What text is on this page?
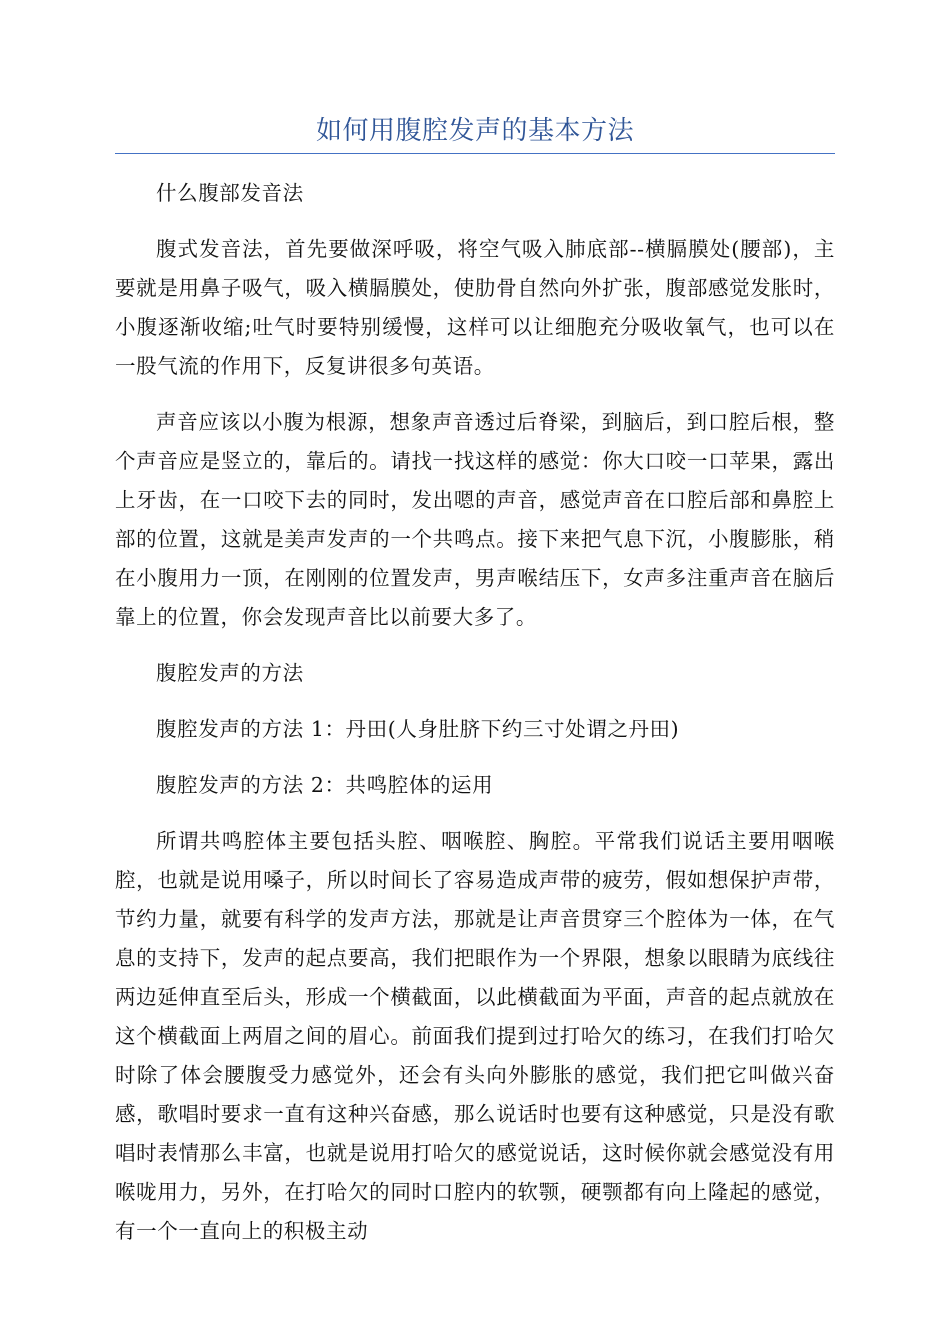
如何用腹腔发声的基本方法

什么腹部发音法

腹式发音法，首先要做深呼吸，将空气吸入肺底部--横膈膜处(腰部)，主要就是用鼻子吸气，吸入横膈膜处，使肋骨自然向外扩张，腹部感觉发胀时，小腹逐渐收缩;吐气时要特别缓慢，这样可以让细胞充分吸收氧气，也可以在一股气流的作用下，反复讲很多句英语。

声音应该以小腹为根源，想象声音透过后脊梁，到脑后，到口腔后根，整个声音应是竖立的，靠后的。请找一找这样的感觉：你大口咬一口苹果，露出上牙齿，在一口咬下去的同时，发出嗯的声音，感觉声音在口腔后部和鼻腔上部的位置，这就是美声发声的一个共鸣点。接下来把气息下沉，小腹膨胀，稍在小腹用力一顶，在刚刚的位置发声，男声喉结压下，女声多注重声音在脑后靠上的位置，你会发现声音比以前要大多了。

腹腔发声的方法

腹腔发声的方法 1：丹田(人身肚脐下约三寸处谓之丹田)

腹腔发声的方法 2：共鸣腔体的运用

所谓共鸣腔体主要包括头腔、咽喉腔、胸腔。平常我们说话主要用咽喉腔，也就是说用嗓子，所以时间长了容易造成声带的疲劳，假如想保护声带，节约力量，就要有科学的发声方法，那就是让声音贯穿三个腔体为一体，在气息的支持下，发声的起点要高，我们把眼作为一个界限，想象以眼睛为底线往两边延伸直至后头，形成一个横截面，以此横截面为平面，声音的起点就放在这个横截面上两眉之间的眉心。前面我们提到过打哈欠的练习，在我们打哈欠时除了体会腰腹受力感觉外，还会有头向外膨胀的感觉，我们把它叫做兴奋感，歌唱时要求一直有这种兴奋感，那么说话时也要有这种感觉，只是没有歌唱时表情那么丰富，也就是说用打哈欠的感觉说话，这时候你就会感觉没有用喉咙用力，另外，在打哈欠的同时口腔内的软颚，硬颚都有向上隆起的感觉，有一个一直向上的积极主动
